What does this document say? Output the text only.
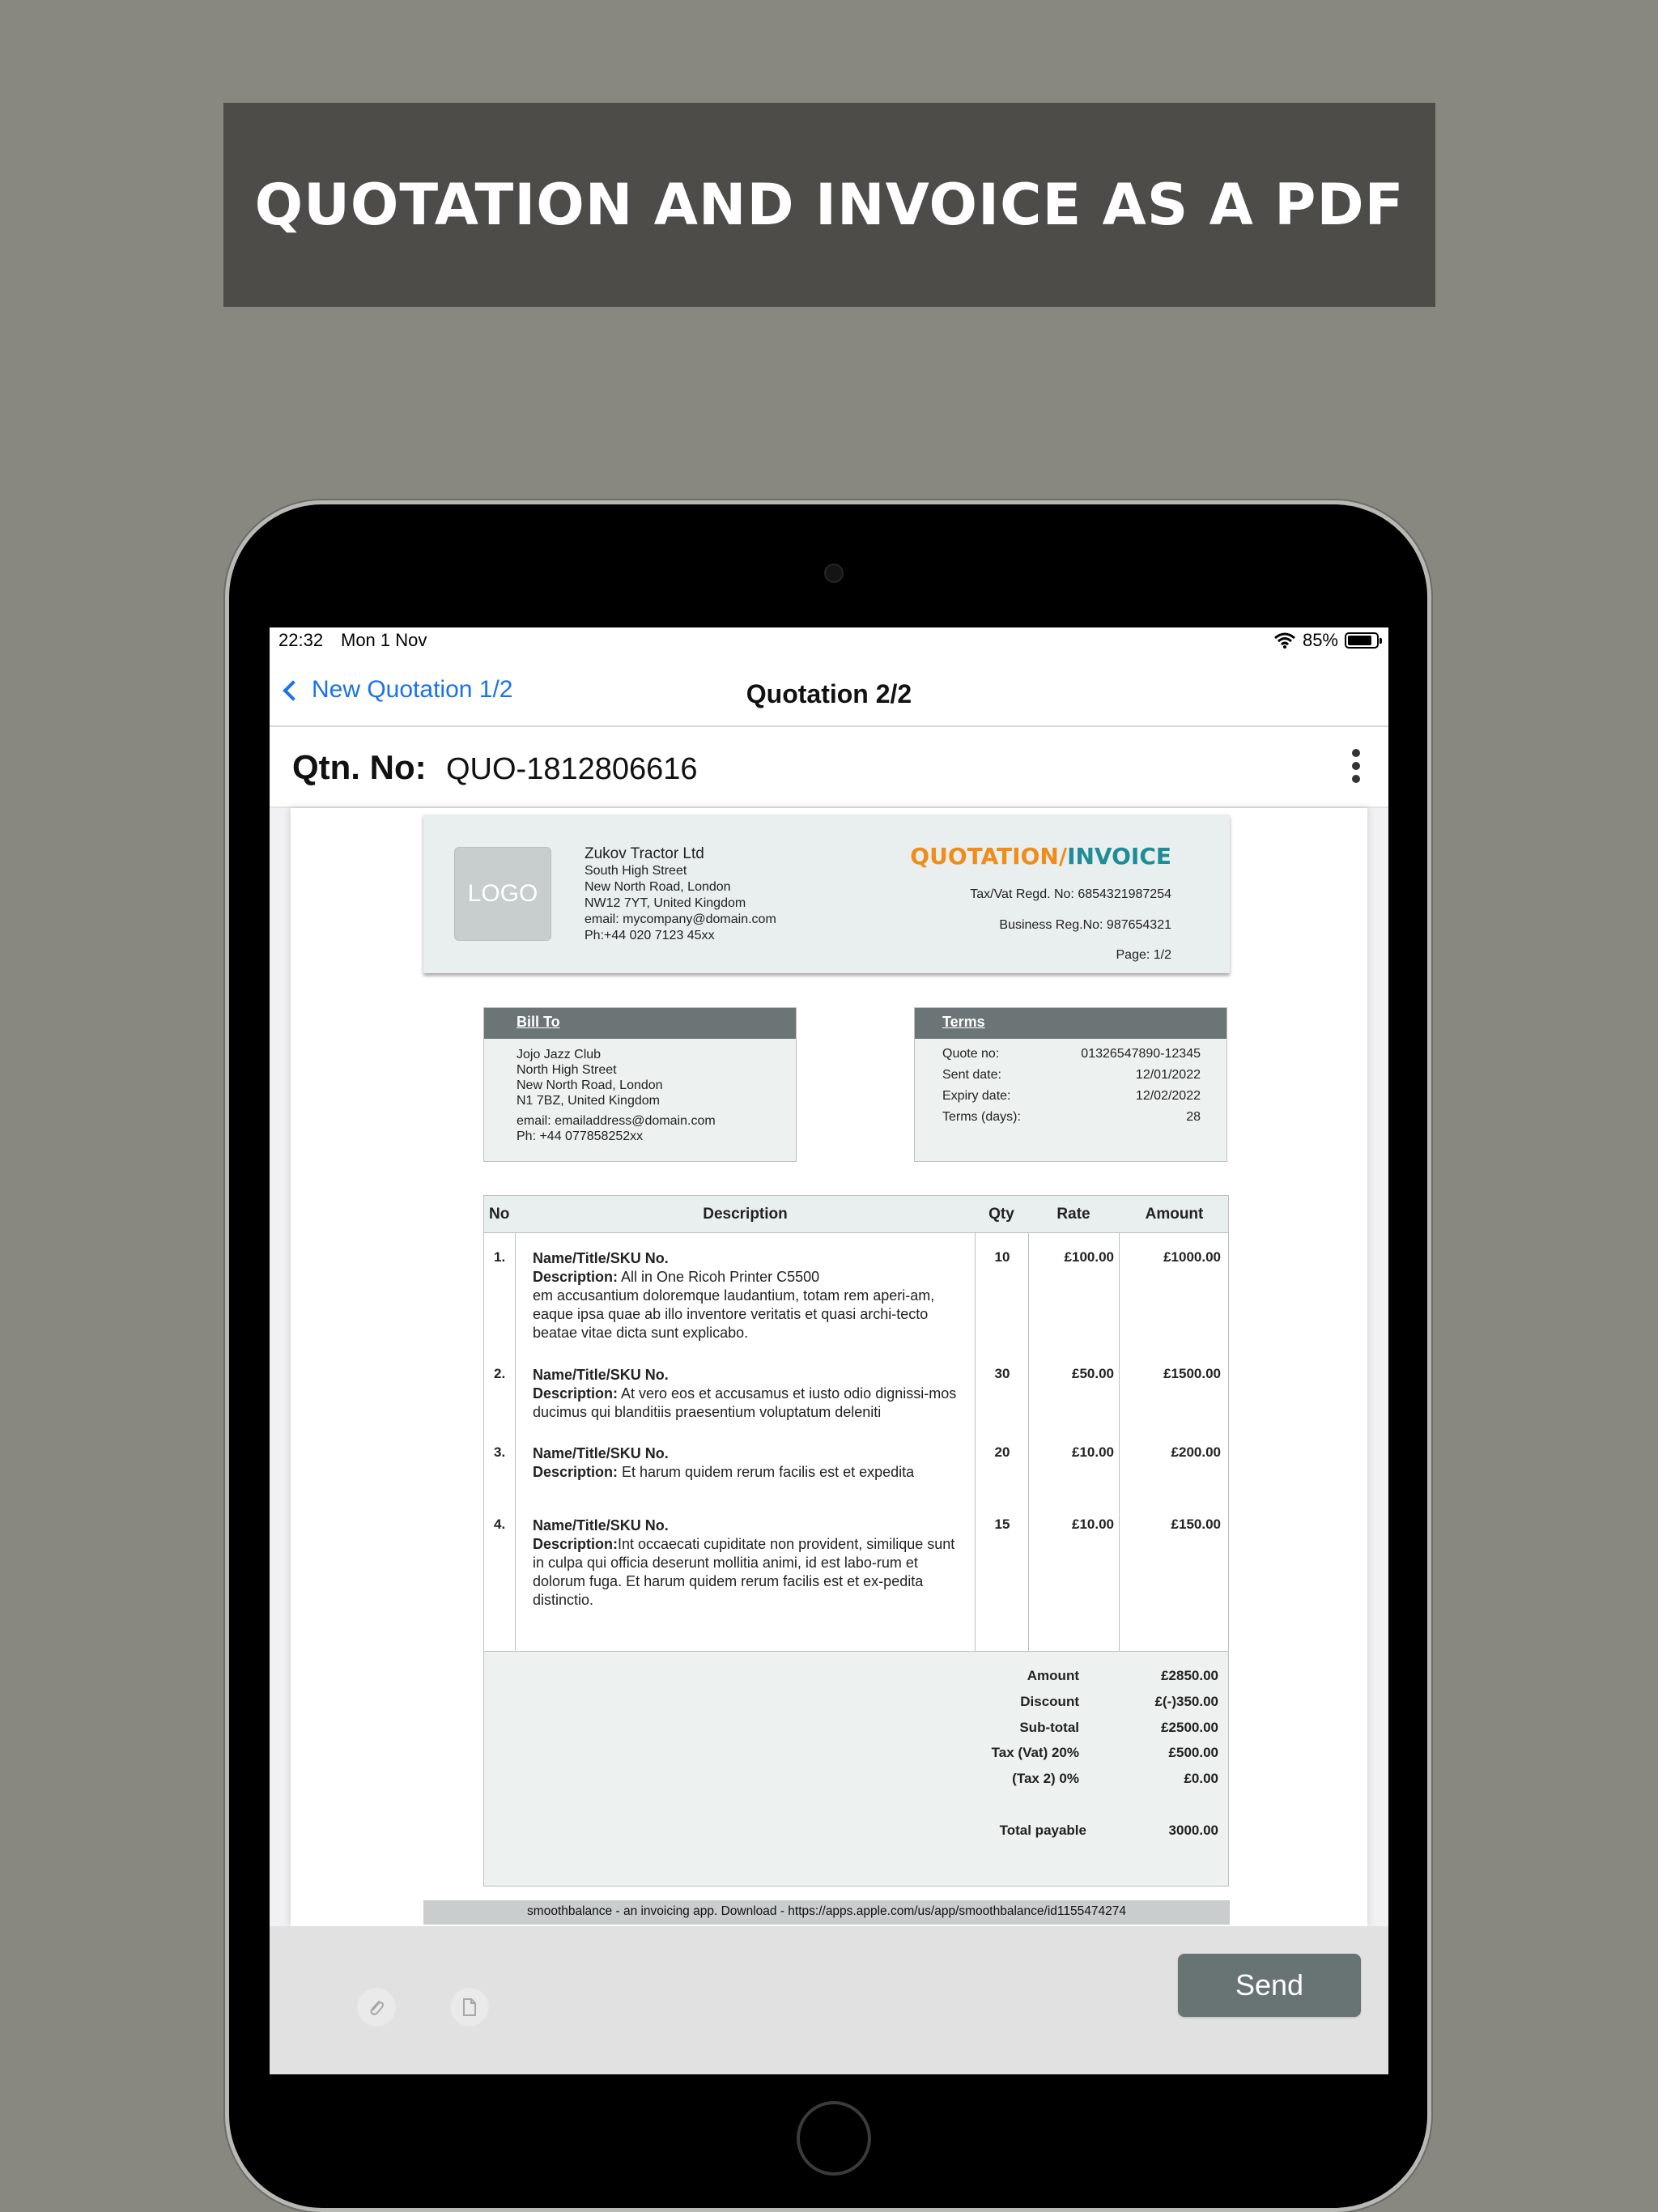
QUOTATION AND INVOICE AS A PDF
22:32 Mon 1 Nov	85%
New Quotation 1/2	Quotation 2/2
Qtn. No: QUO-1812806616
LOGO
Zukov Tractor Ltd
South High Street
New North Road, London
NW12 7YT, United Kingdom
email: mycompany@domain.com
Ph:+44 020 7123 45xx
QUOTATION/INVOICE
Tax/Vat Regd. No: 6854321987254
Business Reg.No: 987654321
Page: 1/2
Bill To
Jojo Jazz Club
North High Street
New North Road, London
N1 7BZ, United Kingdom
email: emailaddress@domain.com
Ph: +44 077858252xx
Terms
Quote no:	01326547890-12345
Sent date:	12/01/2022
Expiry date:	12/02/2022
Terms (days):	28
No	Description	Qty	Rate	Amount
1. Name/Title/SKU No.
Description: All in One Ricoh Printer C5500
em accusantium doloremque laudantium, totam rem aperi-am, eaque ipsa quae ab illo inventore veritatis et quasi archi-tecto beatae vitae dicta sunt explicabo.
10	£100.00	£1000.00
2. Name/Title/SKU No.
Description: At vero eos et accusamus et iusto odio dignissi-mos ducimus qui blanditiis praesentium voluptatum deleniti
30	£50.00	£1500.00
3. Name/Title/SKU No.
Description: Et harum quidem rerum facilis est et expedita
20	£10.00	£200.00
4. Name/Title/SKU No.
Description:Int occaecati cupiditate non provident, similique sunt in culpa qui officia deserunt mollitia animi, id est labo-rum et dolorum fuga. Et harum quidem rerum facilis est et ex-pedita distinctio.
15	£10.00	£150.00
Amount	£2850.00
Discount	£(-)350.00
Sub-total	£2500.00
Tax (Vat) 20%	£500.00
(Tax 2) 0%	£0.00
Total payable	3000.00
smoothbalance - an invoicing app. Download - https://apps.apple.com/us/app/smoothbalance/id1155474274
Send
